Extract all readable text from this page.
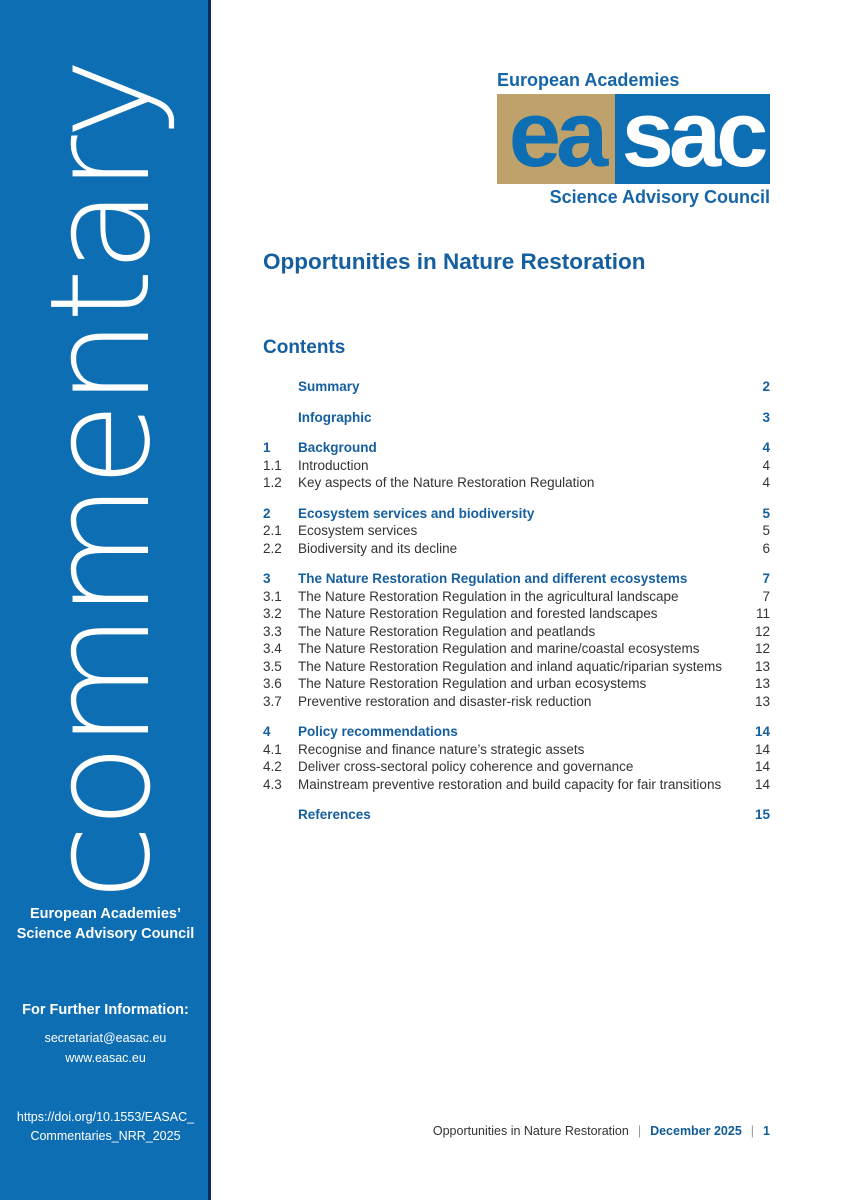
commentary
European Academies’
Science Advisory Council
For Further Information:
secretariat@easac.eu
www.easac.eu
https://doi.org/10.1553/EASAC_
Commentaries_NRR_2025
European Academies
ea sac
Science Advisory Council
Opportunities in Nature Restoration
Contents
Summary	2
Infographic	3
1	Background	4
1.1	Introduction	4
1.2	Key aspects of the Nature Restoration Regulation	4
2	Ecosystem services and biodiversity	5
2.1	Ecosystem services	5
2.2	Biodiversity and its decline	6
3	The Nature Restoration Regulation and different ecosystems	7
3.1	The Nature Restoration Regulation in the agricultural landscape	7
3.2	The Nature Restoration Regulation and forested landscapes	11
3.3	The Nature Restoration Regulation and peatlands	12
3.4	The Nature Restoration Regulation and marine/coastal ecosystems	12
3.5	The Nature Restoration Regulation and inland aquatic/riparian systems	13
3.6	The Nature Restoration Regulation and urban ecosystems	13
3.7	Preventive restoration and disaster-risk reduction	13
4	Policy recommendations	14
4.1	Recognise and finance nature’s strategic assets	14
4.2	Deliver cross-sectoral policy coherence and governance	14
4.3	Mainstream preventive restoration and build capacity for fair transitions	14
References	15
Opportunities in Nature Restoration | December 2025 | 1
